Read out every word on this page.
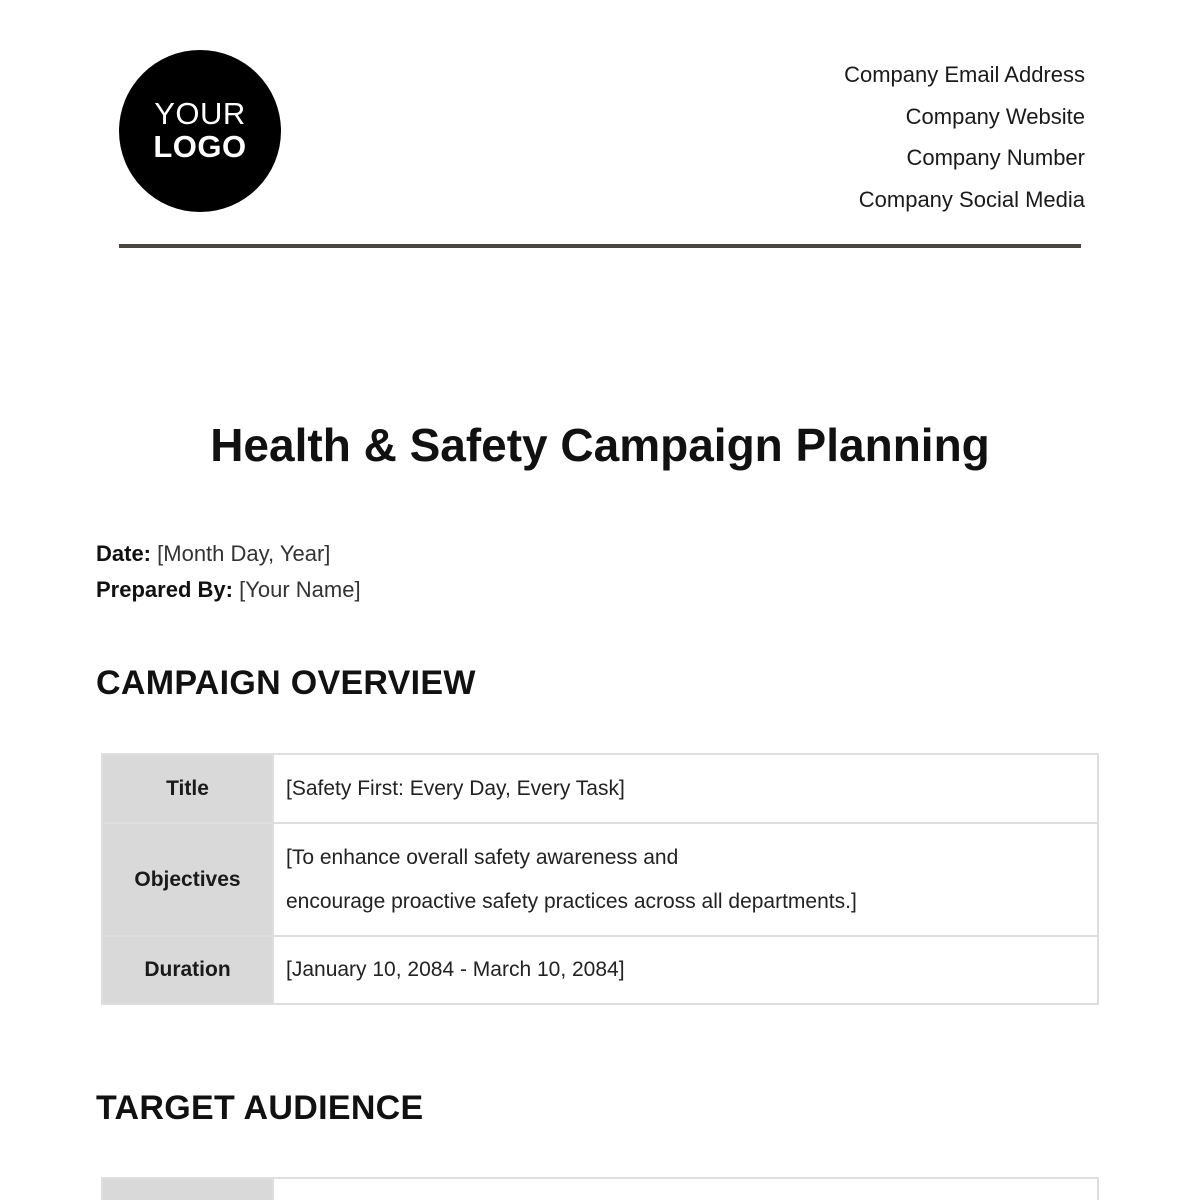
YOUR
LOGO
Company Email Address
Company Website
Company Number
Company Social Media
Health & Safety Campaign Planning
Date: [Month Day, Year]
Prepared By: [Your Name]
CAMPAIGN OVERVIEW
Title	[Safety First: Every Day, Every Task]
Objectives	[To enhance overall safety awareness and
encourage proactive safety practices across all departments.]

Duration	[January 10, 2084 - March 10, 2084]
TARGET AUDIENCE
